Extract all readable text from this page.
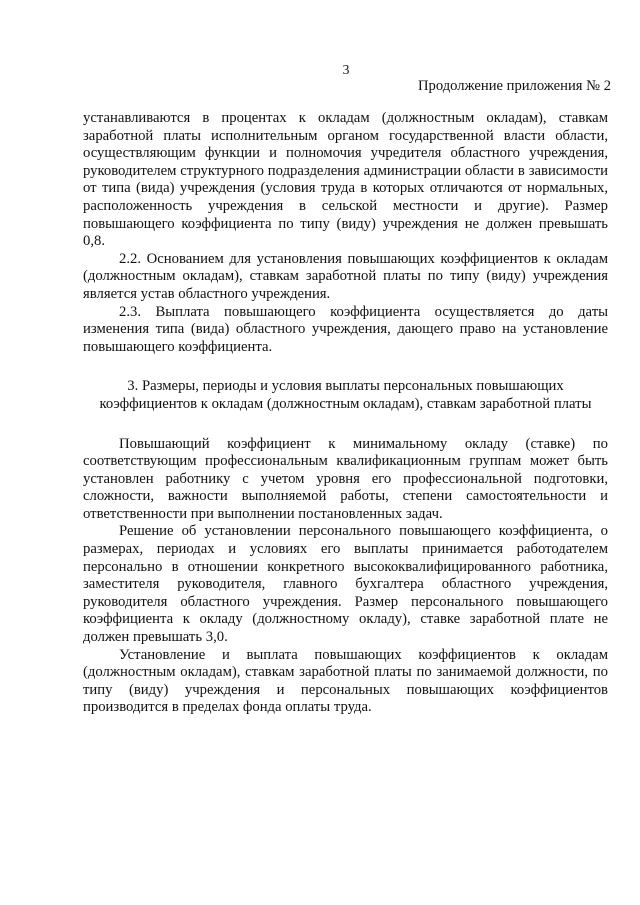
3
Продолжение приложения № 2

устанавливаются в процентах к окладам (должностным окладам), ставкам заработной платы исполнительным органом государственной власти области, осуществляющим функции и полномочия учредителя областного учреждения, руководителем структурного подразделения администрации области в зависимости от типа (вида) учреждения (условия труда в которых отличаются от нормальных, расположенность учреждения в сельской местности и другие). Размер повышающего коэффициента по типу (виду) учреждения не должен превышать 0,8.

2.2. Основанием для установления повышающих коэффициентов к окладам (должностным окладам), ставкам заработной платы по типу (виду) учреждения является устав областного учреждения.

2.3. Выплата повышающего коэффициента осуществляется до даты изменения типа (вида) областного учреждения, дающего право на установление повышающего коэффициента.

3. Размеры, периоды и условия выплаты персональных повышающих
коэффициентов к окладам (должностным окладам), ставкам заработной платы

Повышающий коэффициент к минимальному окладу (ставке) по соответствующим профессиональным квалификационным группам может быть установлен работнику с учетом уровня его профессиональной подготовки, сложности, важности выполняемой работы, степени самостоятельности и ответственности при выполнении постановленных задач.

Решение об установлении персонального повышающего коэффициента, о размерах, периодах и условиях его выплаты принимается работодателем персонально в отношении конкретного высококвалифицированного работника, заместителя руководителя, главного бухгалтера областного учреждения, руководителя областного учреждения. Размер персонального повышающего коэффициента к окладу (должностному окладу), ставке заработной плате не должен превышать 3,0.

Установление и выплата повышающих коэффициентов к окладам (должностным окладам), ставкам заработной платы по занимаемой должности, по типу (виду) учреждения и персональных повышающих коэффициентов производится в пределах фонда оплаты труда.
